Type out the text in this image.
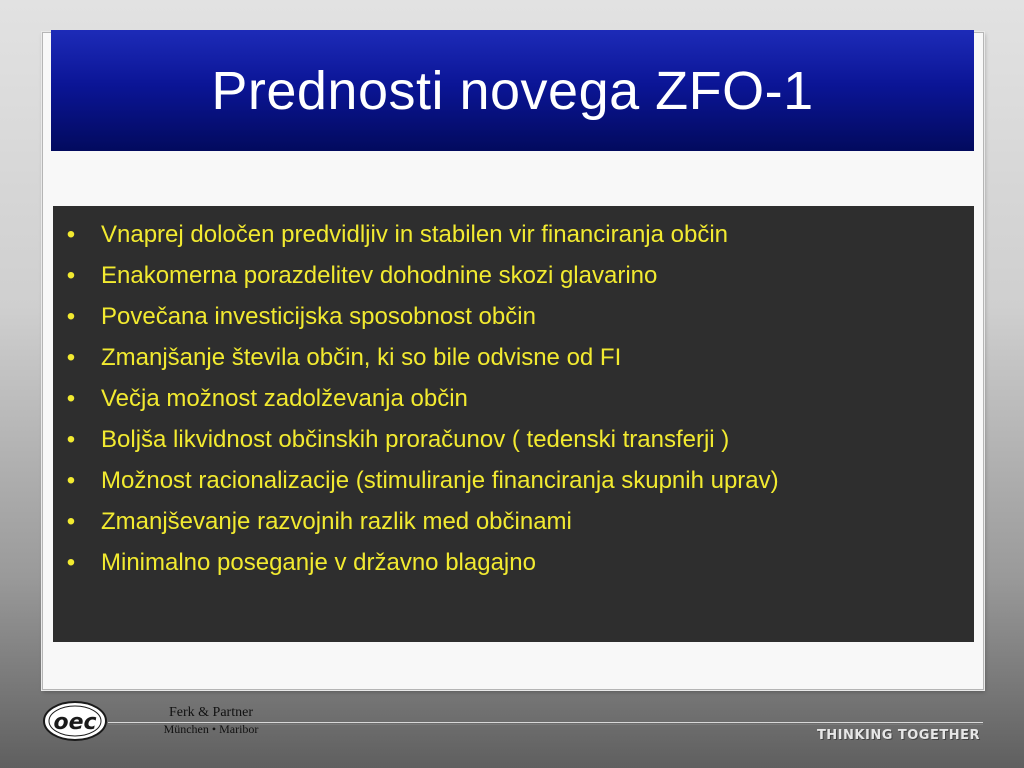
Prednosti novega ZFO-1
• Vnaprej določen predvidljiv in stabilen vir financiranja občin
• Enakomerna porazdelitev dohodnine skozi glavarino
• Povečana investicijska sposobnost občin
• Zmanjšanje števila občin, ki so bile odvisne od FI
• Večja možnost zadolževanja občin
• Boljša likvidnost občinskih proračunov ( tedenski transferji )
• Možnost racionalizacije (stimuliranje financiranja skupnih uprav)
• Zmanjševanje razvojnih razlik med občinami
• Minimalno poseganje v državno blagajno
oec	Ferk & Partner
München • Maribor	THINKING TOGETHER
